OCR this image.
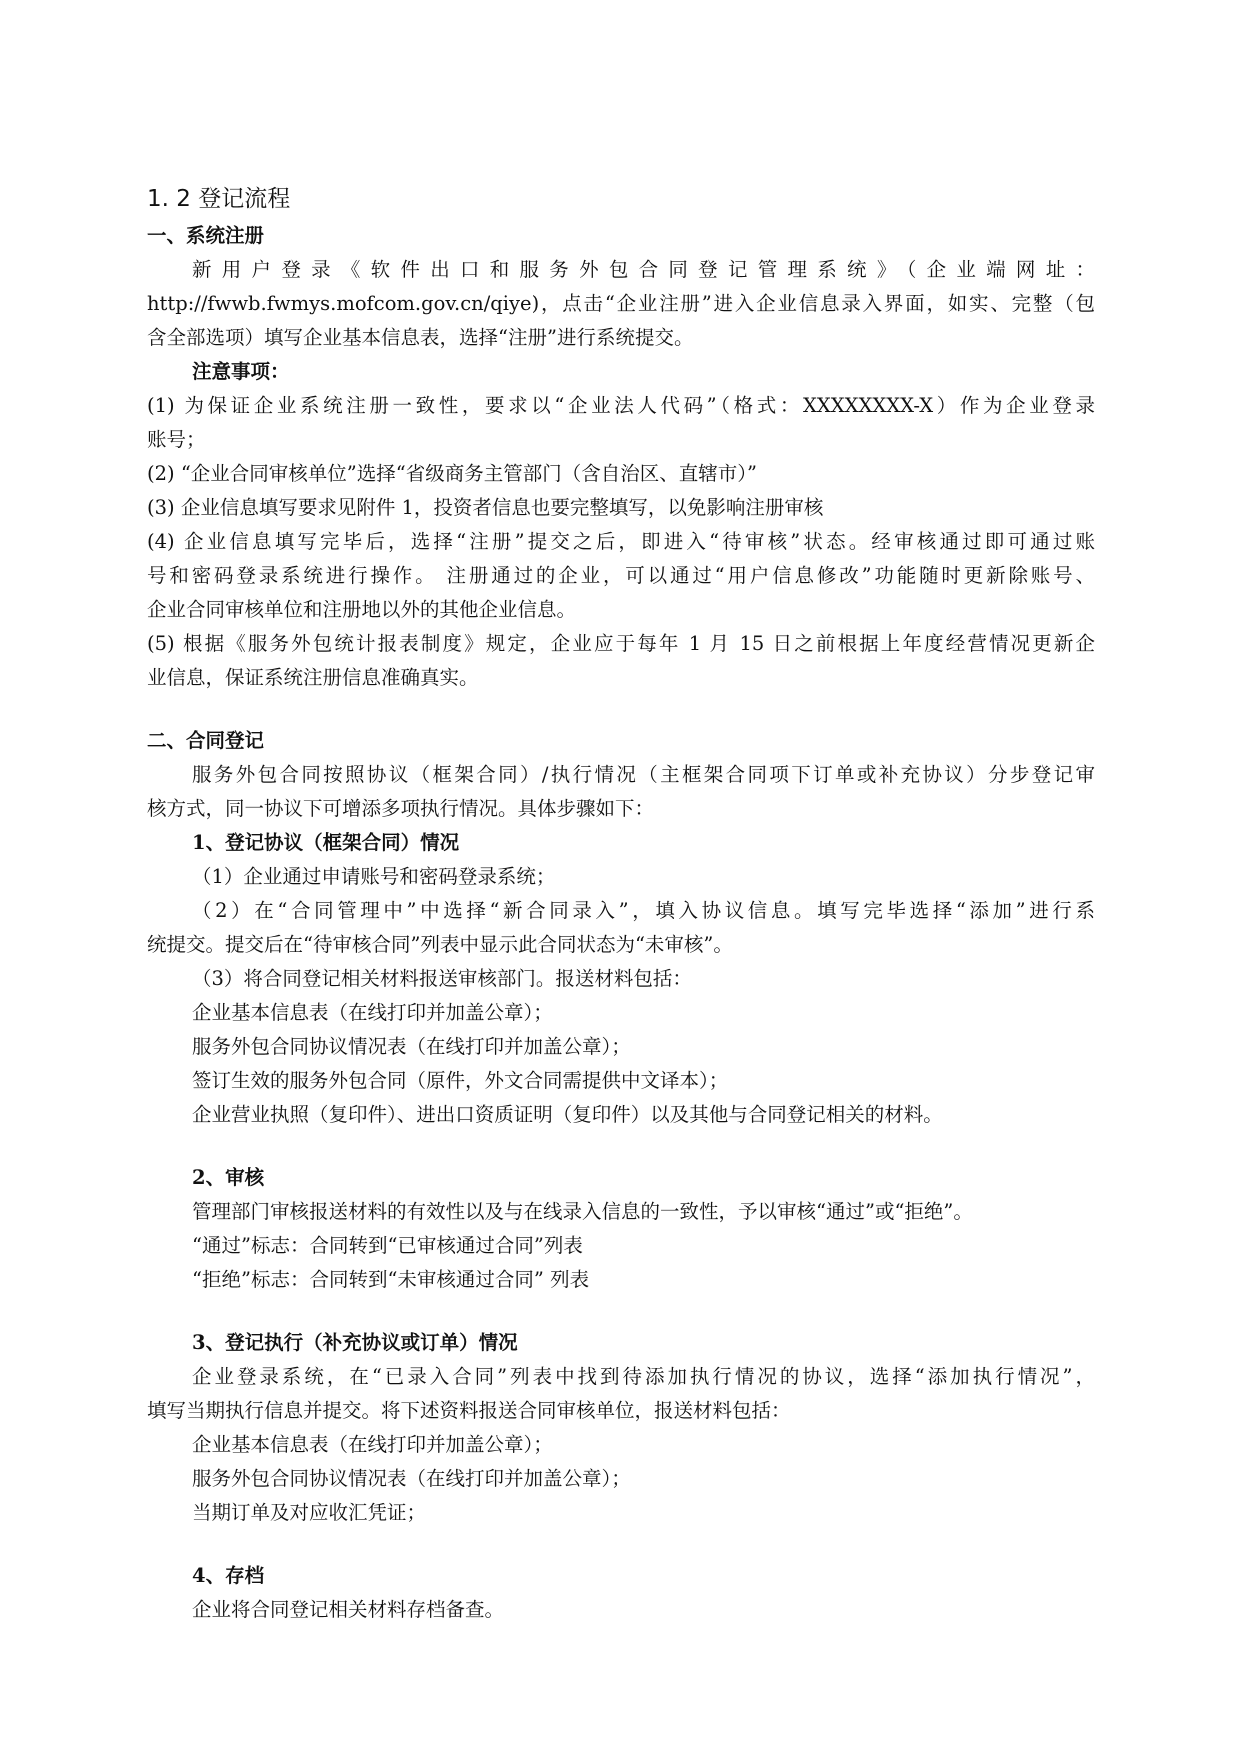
1. 2 登记流程
一、系统注册
新用户登录《软件出口和服务外包合同登记管理系统》（企业端网址：
http://fwwb.fwmys.mofcom.gov.cn/qiye)，点击“企业注册”进入企业信息录入界面，如实、完整（包
含全部选项）填写企业基本信息表，选择“注册”进行系统提交。
注意事项：
(1) 为保证企业系统注册一致性，要求以“企业法人代码”（格式：XXXXXXXX-X）作为企业登录
账号；
(2) “企业合同审核单位”选择“省级商务主管部门（含自治区、直辖市）”
(3) 企业信息填写要求见附件 1，投资者信息也要完整填写，以免影响注册审核
(4) 企业信息填写完毕后，选择“注册”提交之后，即进入“待审核”状态。经审核通过即可通过账
号和密码登录系统进行操作。 注册通过的企业，可以通过“用户信息修改”功能随时更新除账号、
企业合同审核单位和注册地以外的其他企业信息。
(5) 根据《服务外包统计报表制度》规定，企业应于每年 1 月 15 日之前根据上年度经营情况更新企
业信息，保证系统注册信息准确真实。
二、合同登记
服务外包合同按照协议（框架合同）/执行情况（主框架合同项下订单或补充协议）分步登记审
核方式，同一协议下可增添多项执行情况。具体步骤如下：
1、登记协议（框架合同）情况
（1）企业通过申请账号和密码登录系统；
（2）在“合同管理中”中选择“新合同录入”，填入协议信息。填写完毕选择“添加”进行系
统提交。提交后在“待审核合同”列表中显示此合同状态为“未审核”。
（3）将合同登记相关材料报送审核部门。报送材料包括：
企业基本信息表（在线打印并加盖公章）；
服务外包合同协议情况表（在线打印并加盖公章）；
签订生效的服务外包合同（原件，外文合同需提供中文译本）；
企业营业执照（复印件）、进出口资质证明（复印件）以及其他与合同登记相关的材料。
2、审核
管理部门审核报送材料的有效性以及与在线录入信息的一致性，予以审核“通过”或“拒绝”。
“通过”标志：合同转到“已审核通过合同”列表
“拒绝”标志：合同转到“未审核通过合同” 列表
3、登记执行（补充协议或订单）情况
企业登录系统，在“已录入合同”列表中找到待添加执行情况的协议，选择“添加执行情况”，
填写当期执行信息并提交。将下述资料报送合同审核单位，报送材料包括：
企业基本信息表（在线打印并加盖公章）；
服务外包合同协议情况表（在线打印并加盖公章）；
当期订单及对应收汇凭证；
4、存档
企业将合同登记相关材料存档备查。
